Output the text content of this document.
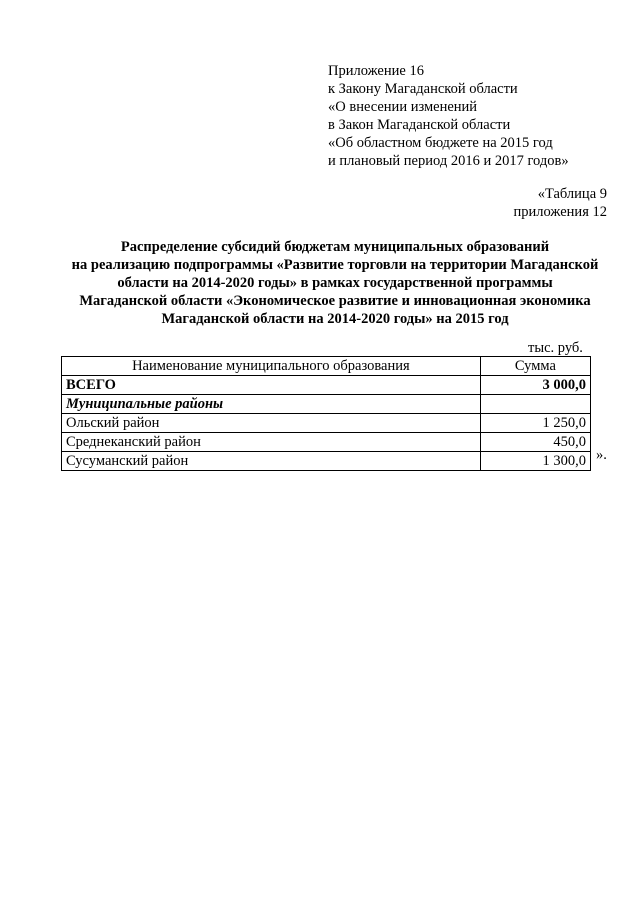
Приложение 16
к Закону Магаданской области
«О внесении изменений
в Закон Магаданской области
«Об областном бюджете на 2015 год
и плановый период 2016 и 2017 годов»
«Таблица 9
приложения 12
Распределение субсидий бюджетам муниципальных образований
на реализацию подпрограммы «Развитие торговли на территории Магаданской
области на 2014-2020 годы» в рамках государственной программы
Магаданской области «Экономическое развитие и инновационная экономика
Магаданской области на 2014-2020 годы» на 2015 год
тыс. руб.
Наименование муниципального образования	Сумма
ВСЕГО	3 000,0
Муниципальные районы	
Ольский район	1 250,0
Среднеканский район	450,0
Сусуманский район	1 300,0 ».
